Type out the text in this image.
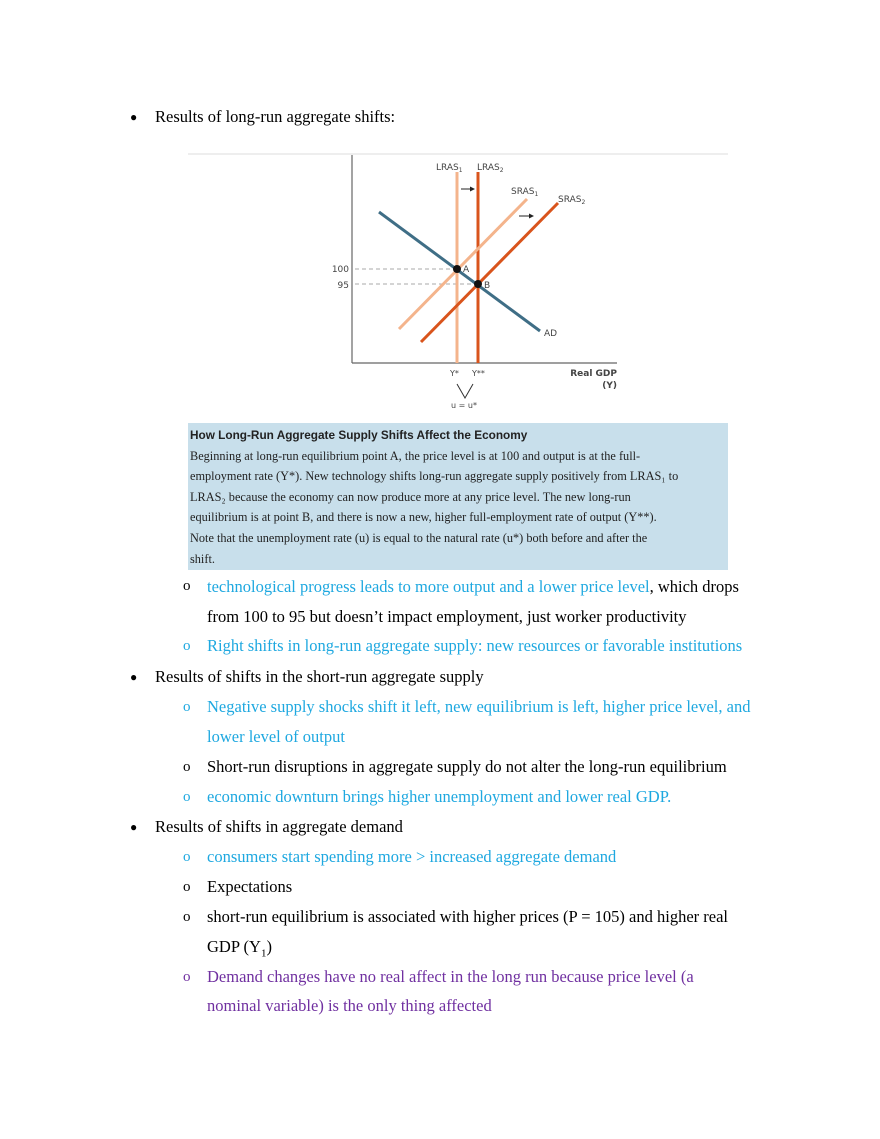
● Results of long-run aggregate shifts:
$LRAS_1$ $LRAS_2$
$SRAS_1$
$SRAS_2$
AD
A
B
100
95
Y* Y**	Real GDP
(Y)
u = u*
How Long-Run Aggregate Supply Shifts Affect the Economy
Beginning at long-run equilibrium point A, the price level is at 100 and output is at the full-
employment rate (Y*). New technology shifts long-run aggregate supply positively from LRAS₁ to
LRAS₂ because the economy can now produce more at any price level. The new long-run
equilibrium is at point B, and there is now a new, higher full-employment rate of output (Y**).
Note that the unemployment rate (u) is equal to the natural rate (u*) both before and after the
shift.
o technological progress leads to more output and a lower price level, which drops
from 100 to 95 but doesn’t impact employment, just worker productivity
o Right shifts in long-run aggregate supply: new resources or favorable institutions
● Results of shifts in the short-run aggregate supply
o Negative supply shocks shift it left, new equilibrium is left, higher price level, and
lower level of output
o Short-run disruptions in aggregate supply do not alter the long-run equilibrium
o economic downturn brings higher unemployment and lower real GDP.
● Results of shifts in aggregate demand
o consumers start spending more > increased aggregate demand
o Expectations
o short-run equilibrium is associated with higher prices (P = 105) and higher real
GDP $(Y_1)$
o Demand changes have no real affect in the long run because price level (a
nominal variable) is the only thing affected
